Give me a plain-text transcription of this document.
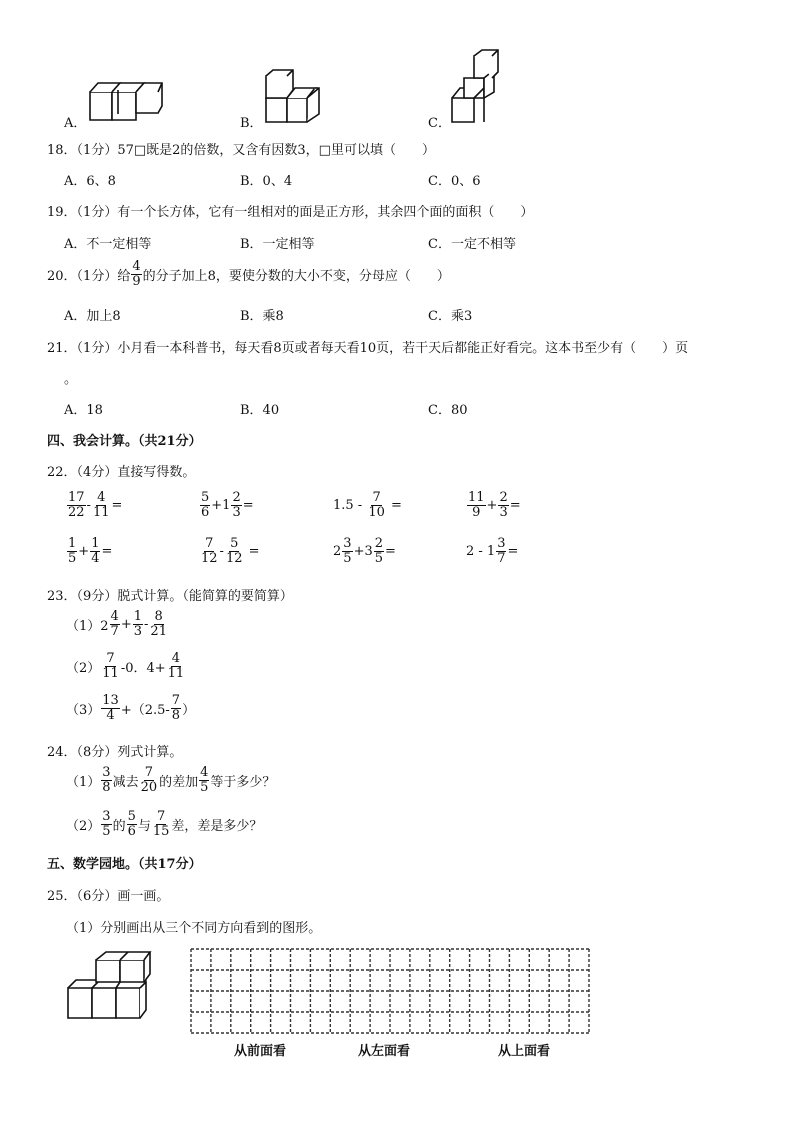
A．	B．	C．
18．（1分）57□既是2的倍数，又含有因数3，□里可以填（　　）
A．6、8	B．0、4	C．0、6
19．（1分）有一个长方体，它有一组相对的面是正方形，其余四个面的面积（　　）
A．不一定相等	B．一定相等	C．一定不相等
20．（1分）给 $\frac{4}{9}$ 的分子加上8，要使分数的大小不变，分母应（　　）
A．加上8	B．乘8	C．乘3
21．（1分）小月看一本科普书，每天看8页或者每天看10页，若干天后都能正好看完。这本书至少有（　　）页
。
A．18	B．40	C．80
四、我会计算。（共21分）
22．（4分）直接写得数。
$\frac{17}{22} - \frac{4}{11}$ =	$\frac{5}{6} +1 \frac{2}{3}$ =	$1.5 - \frac{7}{10}$ =	$\frac{11}{9} + \frac{2}{3}$ =
$\frac{1}{5} + \frac{1}{4}$ =	$\frac{7}{12} - \frac{5}{12}$ =	$2 \frac{3}{5} +3 \frac{2}{5}$ =	$2 - 1 \frac{3}{7}$ =
23．（9分）脱式计算。（能简算的要简算）
$(1)2 \frac{4}{7} + \frac{1}{3} - \frac{8}{21}$
$(2) \frac{7}{11} -0$．$4+ \frac{4}{11}$
$(3) \frac{13}{4} +(2.5- \frac{7}{8}$ ）
24．（8分）列式计算。
$(1) \frac{3}{8}$ 减去 $\frac{7}{20}$ 的差加 $\frac{4}{5}$ 等于多少？
$(2) \frac{3}{5}$ 的 $\frac{5}{6}$ 与 $\frac{7}{15}$ 差，差是多少？
五、数学园地。（共17分）
25．（6分）画一画。
（1）分别画出从三个不同方向看到的图形。
从前面看	从左面看	从上面看
